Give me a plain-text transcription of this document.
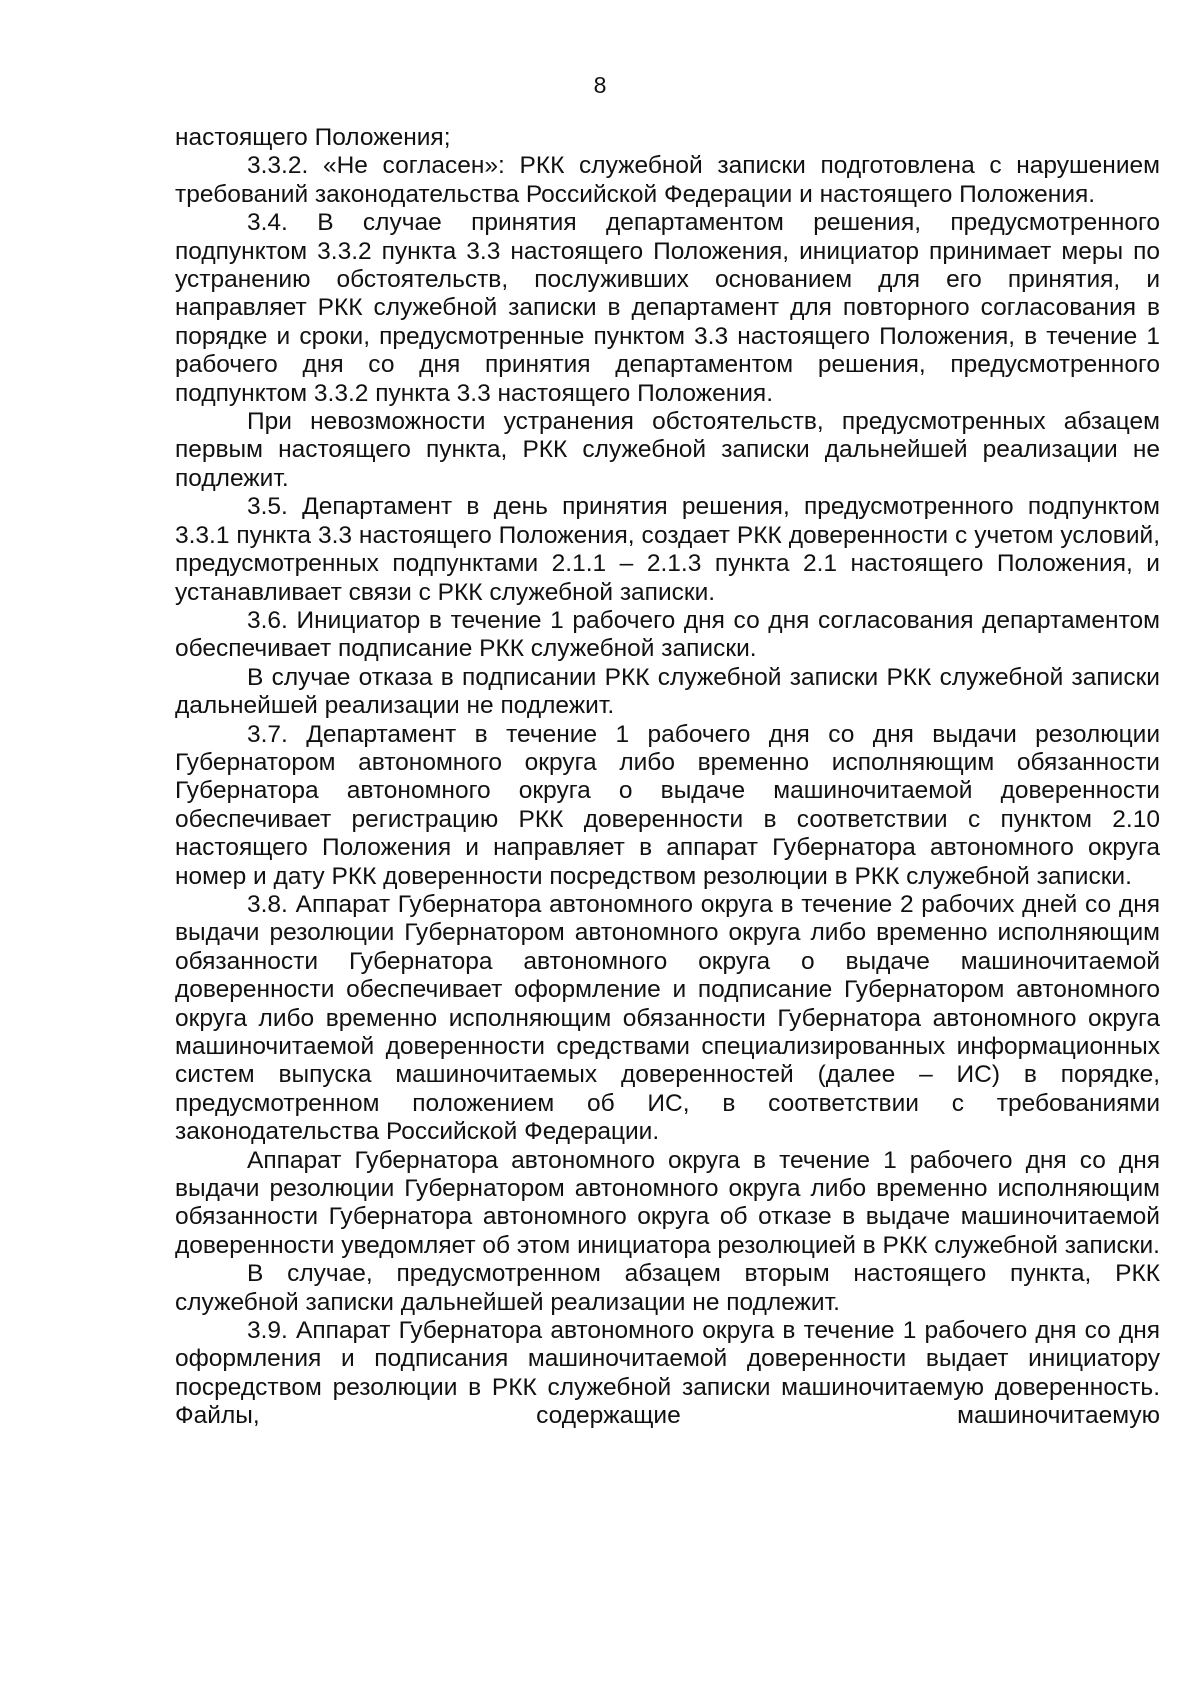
8

настоящего Положения;

3.3.2. «Не согласен»: РКК служебной записки подготовлена с нарушением требований законодательства Российской Федерации и настоящего Положения.

3.4. В случае принятия департаментом решения, предусмотренного подпунктом 3.3.2 пункта 3.3 настоящего Положения, инициатор принимает меры по устранению обстоятельств, послуживших основанием для его принятия, и направляет РКК служебной записки в департамент для повторного согласования в порядке и сроки, предусмотренные пунктом 3.3 настоящего Положения, в течение 1 рабочего дня со дня принятия департаментом решения, предусмотренного подпунктом 3.3.2 пункта 3.3 настоящего Положения.

При невозможности устранения обстоятельств, предусмотренных абзацем первым настоящего пункта, РКК служебной записки дальнейшей реализации не подлежит.

3.5. Департамент в день принятия решения, предусмотренного подпунктом 3.3.1 пункта 3.3 настоящего Положения, создает РКК доверенности с учетом условий, предусмотренных подпунктами 2.1.1 – 2.1.3 пункта 2.1 настоящего Положения, и устанавливает связи с РКК служебной записки.

3.6. Инициатор в течение 1 рабочего дня со дня согласования департаментом обеспечивает подписание РКК служебной записки.

В случае отказа в подписании РКК служебной записки РКК служебной записки дальнейшей реализации не подлежит.

3.7. Департамент в течение 1 рабочего дня со дня выдачи резолюции Губернатором автономного округа либо временно исполняющим обязанности Губернатора автономного округа о выдаче машиночитаемой доверенности обеспечивает регистрацию РКК доверенности в соответствии с пунктом 2.10 настоящего Положения и направляет в аппарат Губернатора автономного округа номер и дату РКК доверенности посредством резолюции в РКК служебной записки.

3.8. Аппарат Губернатора автономного округа в течение 2 рабочих дней со дня выдачи резолюции Губернатором автономного округа либо временно исполняющим обязанности Губернатора автономного округа о выдаче машиночитаемой доверенности обеспечивает оформление и подписание Губернатором автономного округа либо временно исполняющим обязанности Губернатора автономного округа машиночитаемой доверенности средствами специализированных информационных систем выпуска машиночитаемых доверенностей (далее – ИС) в порядке, предусмотренном положением об ИС, в соответствии с требованиями законодательства Российской Федерации.

Аппарат Губернатора автономного округа в течение 1 рабочего дня со дня выдачи резолюции Губернатором автономного округа либо временно исполняющим обязанности Губернатора автономного округа об отказе в выдаче машиночитаемой доверенности уведомляет об этом инициатора резолюцией в РКК служебной записки.

В случае, предусмотренном абзацем вторым настоящего пункта, РКК служебной записки дальнейшей реализации не подлежит.

3.9. Аппарат Губернатора автономного округа в течение 1 рабочего дня со дня оформления и подписания машиночитаемой доверенности выдает инициатору посредством резолюции в РКК служебной записки машиночитаемую доверенность. Файлы, содержащие машиночитаемую
